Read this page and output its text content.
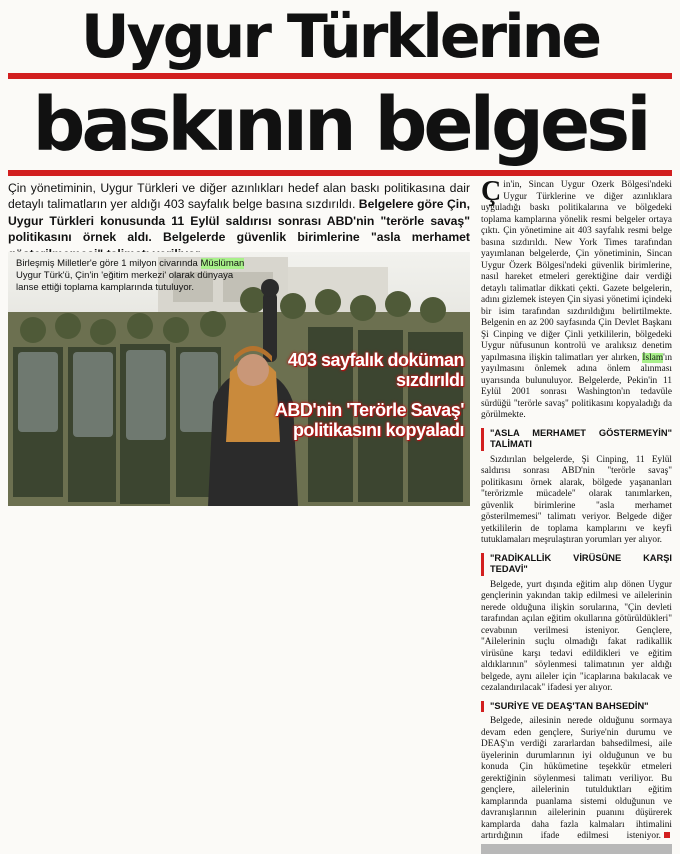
Uygur Türklerine
baskının belgesi

Çin yönetiminin, Uygur Türkleri ve diğer azınlıkları hedef alan baskı politikasına dair detaylı talimatların yer aldığı 403 sayfalık belge basına sızdırıldı. Belgelere göre Çin, Uygur Türkleri konusunda 11 Eylül saldırısı sonrası ABD'nin "terörle savaş" politikasını örnek aldı. Belgelerde güvenlik birimlerine "asla merhamet

Birleşmiş Milletler'e göre 1 milyon civarında Müslüman Uygur Türk'ü, Çin'in 'eğitim merkezi' olarak dünyaya lanse ettiği toplama kamplarında tutuluyor.

403 sayfalık doküman sızdırıldı

ABD'nin 'Terörle Savaş' politikasını kopyaladı

Çin'in, Sincan Uygur Özerk Bölgesi'ndeki Uygur Türklerine ve diğer azınlıklara uyguladığı baskı politikalarına ve bölgedeki toplama kamplarına yönelik resmi belgeler ortaya çıktı. Çin yönetimine ait 403 sayfalık resmi belge basına sızdırıldı. New York Times tarafından yayımlanan belgelerde, Çin yönetiminin, Sincan Uygur Özerk Bölgesi'ndeki güvenlik birimlerine, nasıl hareket etmeleri gerektiğine dair verdiği detaylı talimatlar dikkati çekti. Gazete belgelerin, adını gizlemek isteyen Çin siyasi yönetimi içindeki bir isim tarafından sızdırıldığını belirtilmekte. Belgenin en az 200 sayfasında Çin Devlet Başkanı Şi Cinping ve diğer Çinli yetkililerin, bölgedeki Uygur nüfusunun kontrolü ve aralıksız denetim yapılmasına ilişkin talimatları yer alırken, İslam'ın yayılmasını önlemek adına önlem alınması uyarısında bulunuluyor. Belgelerde, Pekin'in 11 Eylül 2001 sonrası Washington'ın tedavüle sürdüğü "terörle savaş" politikasını kopyaladığı da görülmekte.

"ASLA MERHAMET GÖSTERMEYİN" TALİMATI

Sızdırılan belgelerde, Şi Cinping, 11 Eylül saldırısı sonrası ABD'nin "terörle savaş" politikasını örnek alarak, bölgede yaşananları "terörizmle mücadele" olarak tanımlarken, güvenlik birimlerine "asla merhamet gösterilmemesi" talimatı veriyor. Belgede diğer yetkililerin de toplama kamplarını ve keyfi tutuklamaları meşrulaştıran yorumları yer alıyor.

"RADİKALLİK VİRÜSÜNE KARŞI TEDAVİ"

Belgede, yurt dışında eğitim alıp dönen Uygur gençlerinin yakından takip edilmesi ve ailelerinin nerede olduğuna ilişkin sorularına, "Çin devleti tarafından açılan eğitim okullarına götürüldükleri" cevabının verilmesi isteniyor. Gençlere, "Ailelerinin suçlu olmadığı fakat radikallik virüsüne karşı tedavi edildikleri ve eğitim aldıklarının" söylenmesi talimatının yer aldığı belgede, aynı aileler için "icaplarına bakılacak ve cezalandırılacak" ifadesi yer alıyor.

"SURİYE VE DEAŞ'TAN BAHSEDİN"

Belgede, ailesinin nerede olduğunu sormaya devam eden gençlere, Suriye'nin durumu ve DEAŞ'ın verdiği zararlardan bahsedilmesi, aile üyelerinin durumlarının iyi olduğunun ve bu konuda Çin hükümetine teşekkür etmeleri gerektiğinin söylenmesi talimatı veriliyor. Bu gençlere, ailelerinin tutulduktları eğitim kamplarında puanlama sistemi olduğunun ve davranışlarının ailelerinin puanını düşürerek kamplarda daha fazla kalmaları ihtimalini artırdığının ifade edilmesi isteniyor.
